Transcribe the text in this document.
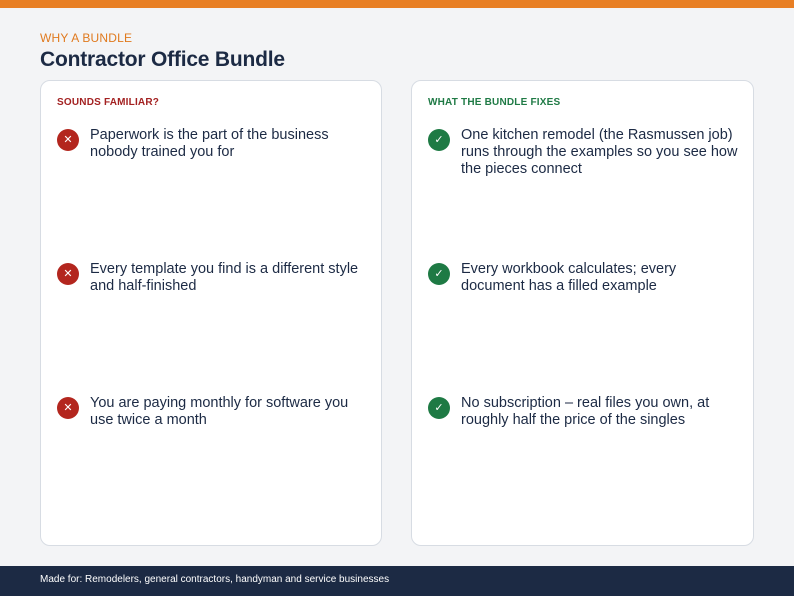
WHY A BUNDLE
Contractor Office Bundle
SOUNDS FAMILIAR?
✕	Paperwork is the part of the business nobody trained you for
✕	Every template you find is a different style and half-finished
✕	You are paying monthly for software you use twice a month
WHAT THE BUNDLE FIXES
✓	One kitchen remodel (the Rasmussen job) runs through the examples so you see how the pieces connect
✓	Every workbook calculates; every document has a filled example
✓	No subscription – real files you own, at roughly half the price of the singles
Made for: Remodelers, general contractors, handyman and service businesses
